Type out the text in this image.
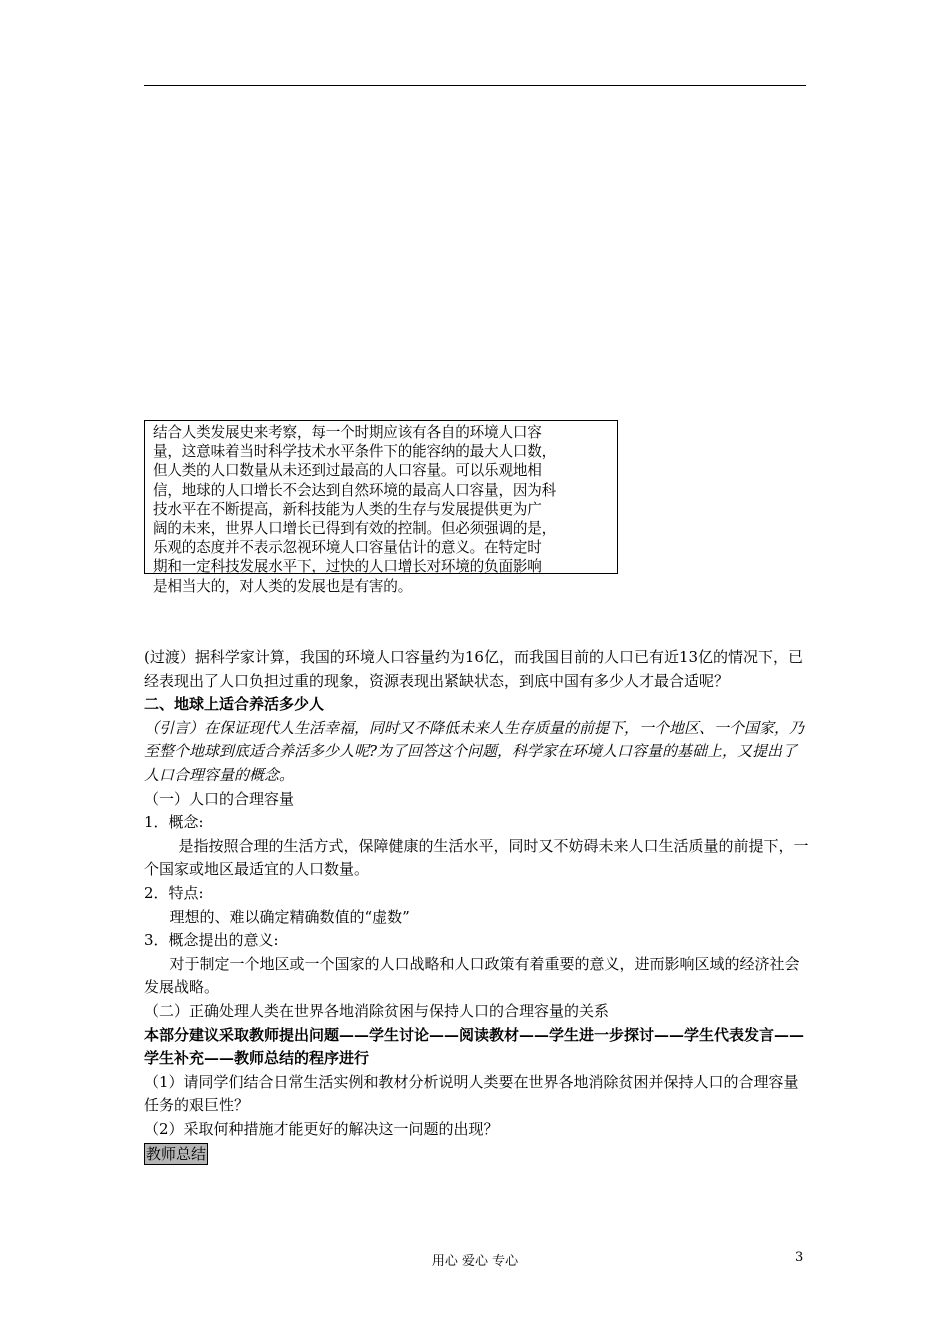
结合人类发展史来考察，每一个时期应该有各自的环境人口容

量，这意味着当时科学技术水平条件下的能容纳的最大人口数，

但人类的人口数量从未还到过最高的人口容量。可以乐观地相

信，地球的人口增长不会达到自然环境的最高人口容量，因为科

技水平在不断提高，新科技能为人类的生存与发展提供更为广

阔的未来，世界人口增长已得到有效的控制。但必须强调的是，

乐观的态度并不表示忽视环境人口容量估计的意义。在特定时

期和一定科技发展水平下，过快的人口增长对环境的负面影响

是相当大的，对人类的发展也是有害的。

(过渡）据科学家计算，我国的环境人口容量约为16亿，而我国目前的人口已有近13亿的情况下，已经表现出了人口负担过重的现象，资源表现出紧缺状态，到底中国有多少人才最合适呢？

二、地球上适合养活多少人

（引言）在保证现代人生活幸福，同时又不降低未来人生存质量的前提下，一个地区、一个国家，乃至整个地球到底适合养活多少人呢?为了回答这个问题，科学家在环境人口容量的基础上，又提出了人口合理容量的概念。

（一）人口的合理容量

1．概念:

是指按照合理的生活方式，保障健康的生活水平，同时又不妨碍未来人口生活质量的前提下，一个国家或地区最适宜的人口数量。

2．特点:

理想的、难以确定精确数值的“虚数”

3．概念提出的意义:

对于制定一个地区或一个国家的人口战略和人口政策有着重要的意义，进而影响区域的经济社会发展战略。

（二）正确处理人类在世界各地消除贫困与保持人口的合理容量的关系

本部分建议采取教师提出问题——学生讨论——阅读教材——学生进一步探讨——学生代表发言——学生补充——教师总结的程序进行

（1）请同学们结合日常生活实例和教材分析说明人类要在世界各地消除贫困并保持人口的合理容量任务的艰巨性？

（2）采取何种措施才能更好的解决这一问题的出现？

教师总结

用心 爱心 专心	3
